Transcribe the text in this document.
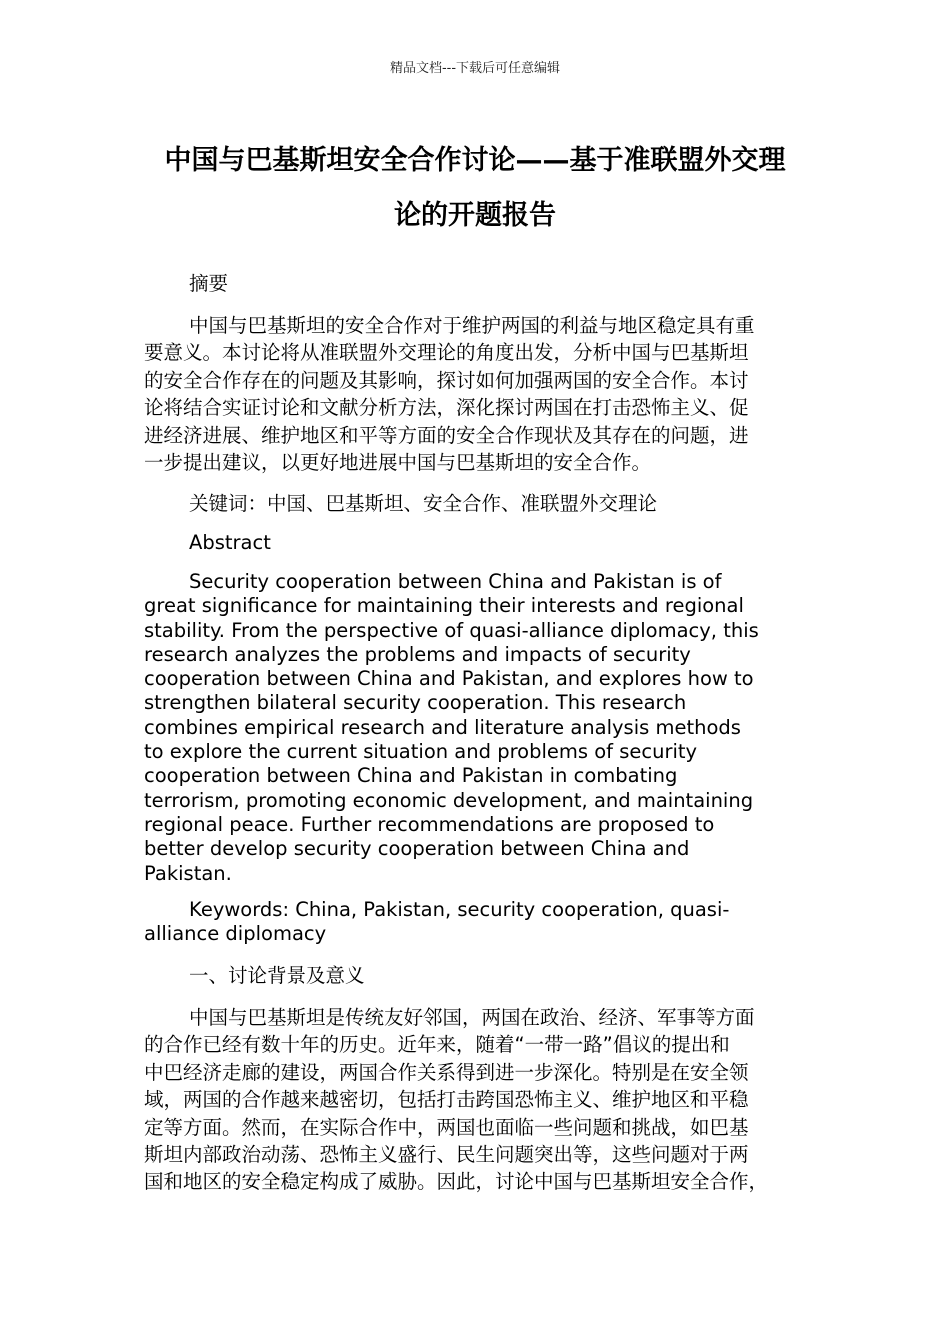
精品文档---下载后可任意编辑
中国与巴基斯坦安全合作讨论——基于准联盟外交理
论的开题报告
摘要
中国与巴基斯坦的安全合作对于维护两国的利益与地区稳定具有重
要意义。本讨论将从准联盟外交理论的角度出发，分析中国与巴基斯坦
的安全合作存在的问题及其影响，探讨如何加强两国的安全合作。本讨
论将结合实证讨论和文献分析方法，深化探讨两国在打击恐怖主义、促
进经济进展、维护地区和平等方面的安全合作现状及其存在的问题，进
一步提出建议，以更好地进展中国与巴基斯坦的安全合作。
关键词：中国、巴基斯坦、安全合作、准联盟外交理论
Abstract
Security cooperation between China and Pakistan is of
great significance for maintaining their interests and regional
stability. From the perspective of quasi-alliance diplomacy, this
research analyzes the problems and impacts of security
cooperation between China and Pakistan, and explores how to
strengthen bilateral security cooperation. This research
combines empirical research and literature analysis methods
to explore the current situation and problems of security
cooperation between China and Pakistan in combating
terrorism, promoting economic development, and maintaining
regional peace. Further recommendations are proposed to
better develop security cooperation between China and
Pakistan.
Keywords: China, Pakistan, security cooperation, quasi-
alliance diplomacy
一、讨论背景及意义
中国与巴基斯坦是传统友好邻国，两国在政治、经济、军事等方面
的合作已经有数十年的历史。近年来，随着“一带一路”倡议的提出和
中巴经济走廊的建设，两国合作关系得到进一步深化。特别是在安全领
域，两国的合作越来越密切，包括打击跨国恐怖主义、维护地区和平稳
定等方面。然而，在实际合作中，两国也面临一些问题和挑战，如巴基
斯坦内部政治动荡、恐怖主义盛行、民生问题突出等，这些问题对于两
国和地区的安全稳定构成了威胁。因此，讨论中国与巴基斯坦安全合作，
